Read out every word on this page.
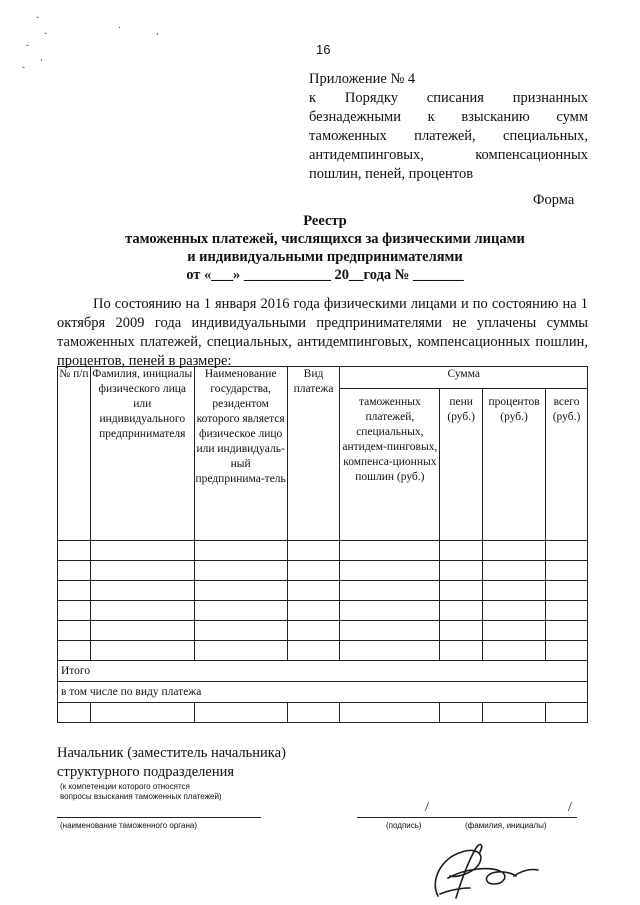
-
-
-
,
-
·	,
16
Приложение № 4
к Порядку списания признанных безнадежными к взысканию сумм таможенных платежей, специальных, антидемпинговых, компенсационных пошлин, пеней, процентов
Форма
Реестр
таможенных платежей, числящихся за физическими лицами
и индивидуальными предпринимателями
от «___» ____________ 20__года № _______
По состоянию на 1 января 2016 года физическими лицами и по состоянию на 1 октября 2009 года индивидуальными предпринимателями не уплачены суммы таможенных платежей, специальных, антидемпинговых, компенсационных пошлин, процентов, пеней в размере:
№ п/п	Фамилия, инициалы физического лица или индивидуального предпринимателя	Наименование государства, резидентом которого является физическое лицо или индивидуаль-ный предпринима-тель	Вид платежа	Сумма			
				таможенных платежей, специальных, антидем-пинговых, компенса-ционных пошлин (руб.)	пени (руб.)	процентов (руб.)	всего (руб.)

Итого							
в том числе по виду платежа							

Начальник (заместитель начальника)
структурного подразделения
(к компетенции которого относятся
вопросы взыскания таможенных платежей)
/	/
(наименование таможенного органа)	(подпись)	(фамилия, инициалы)
